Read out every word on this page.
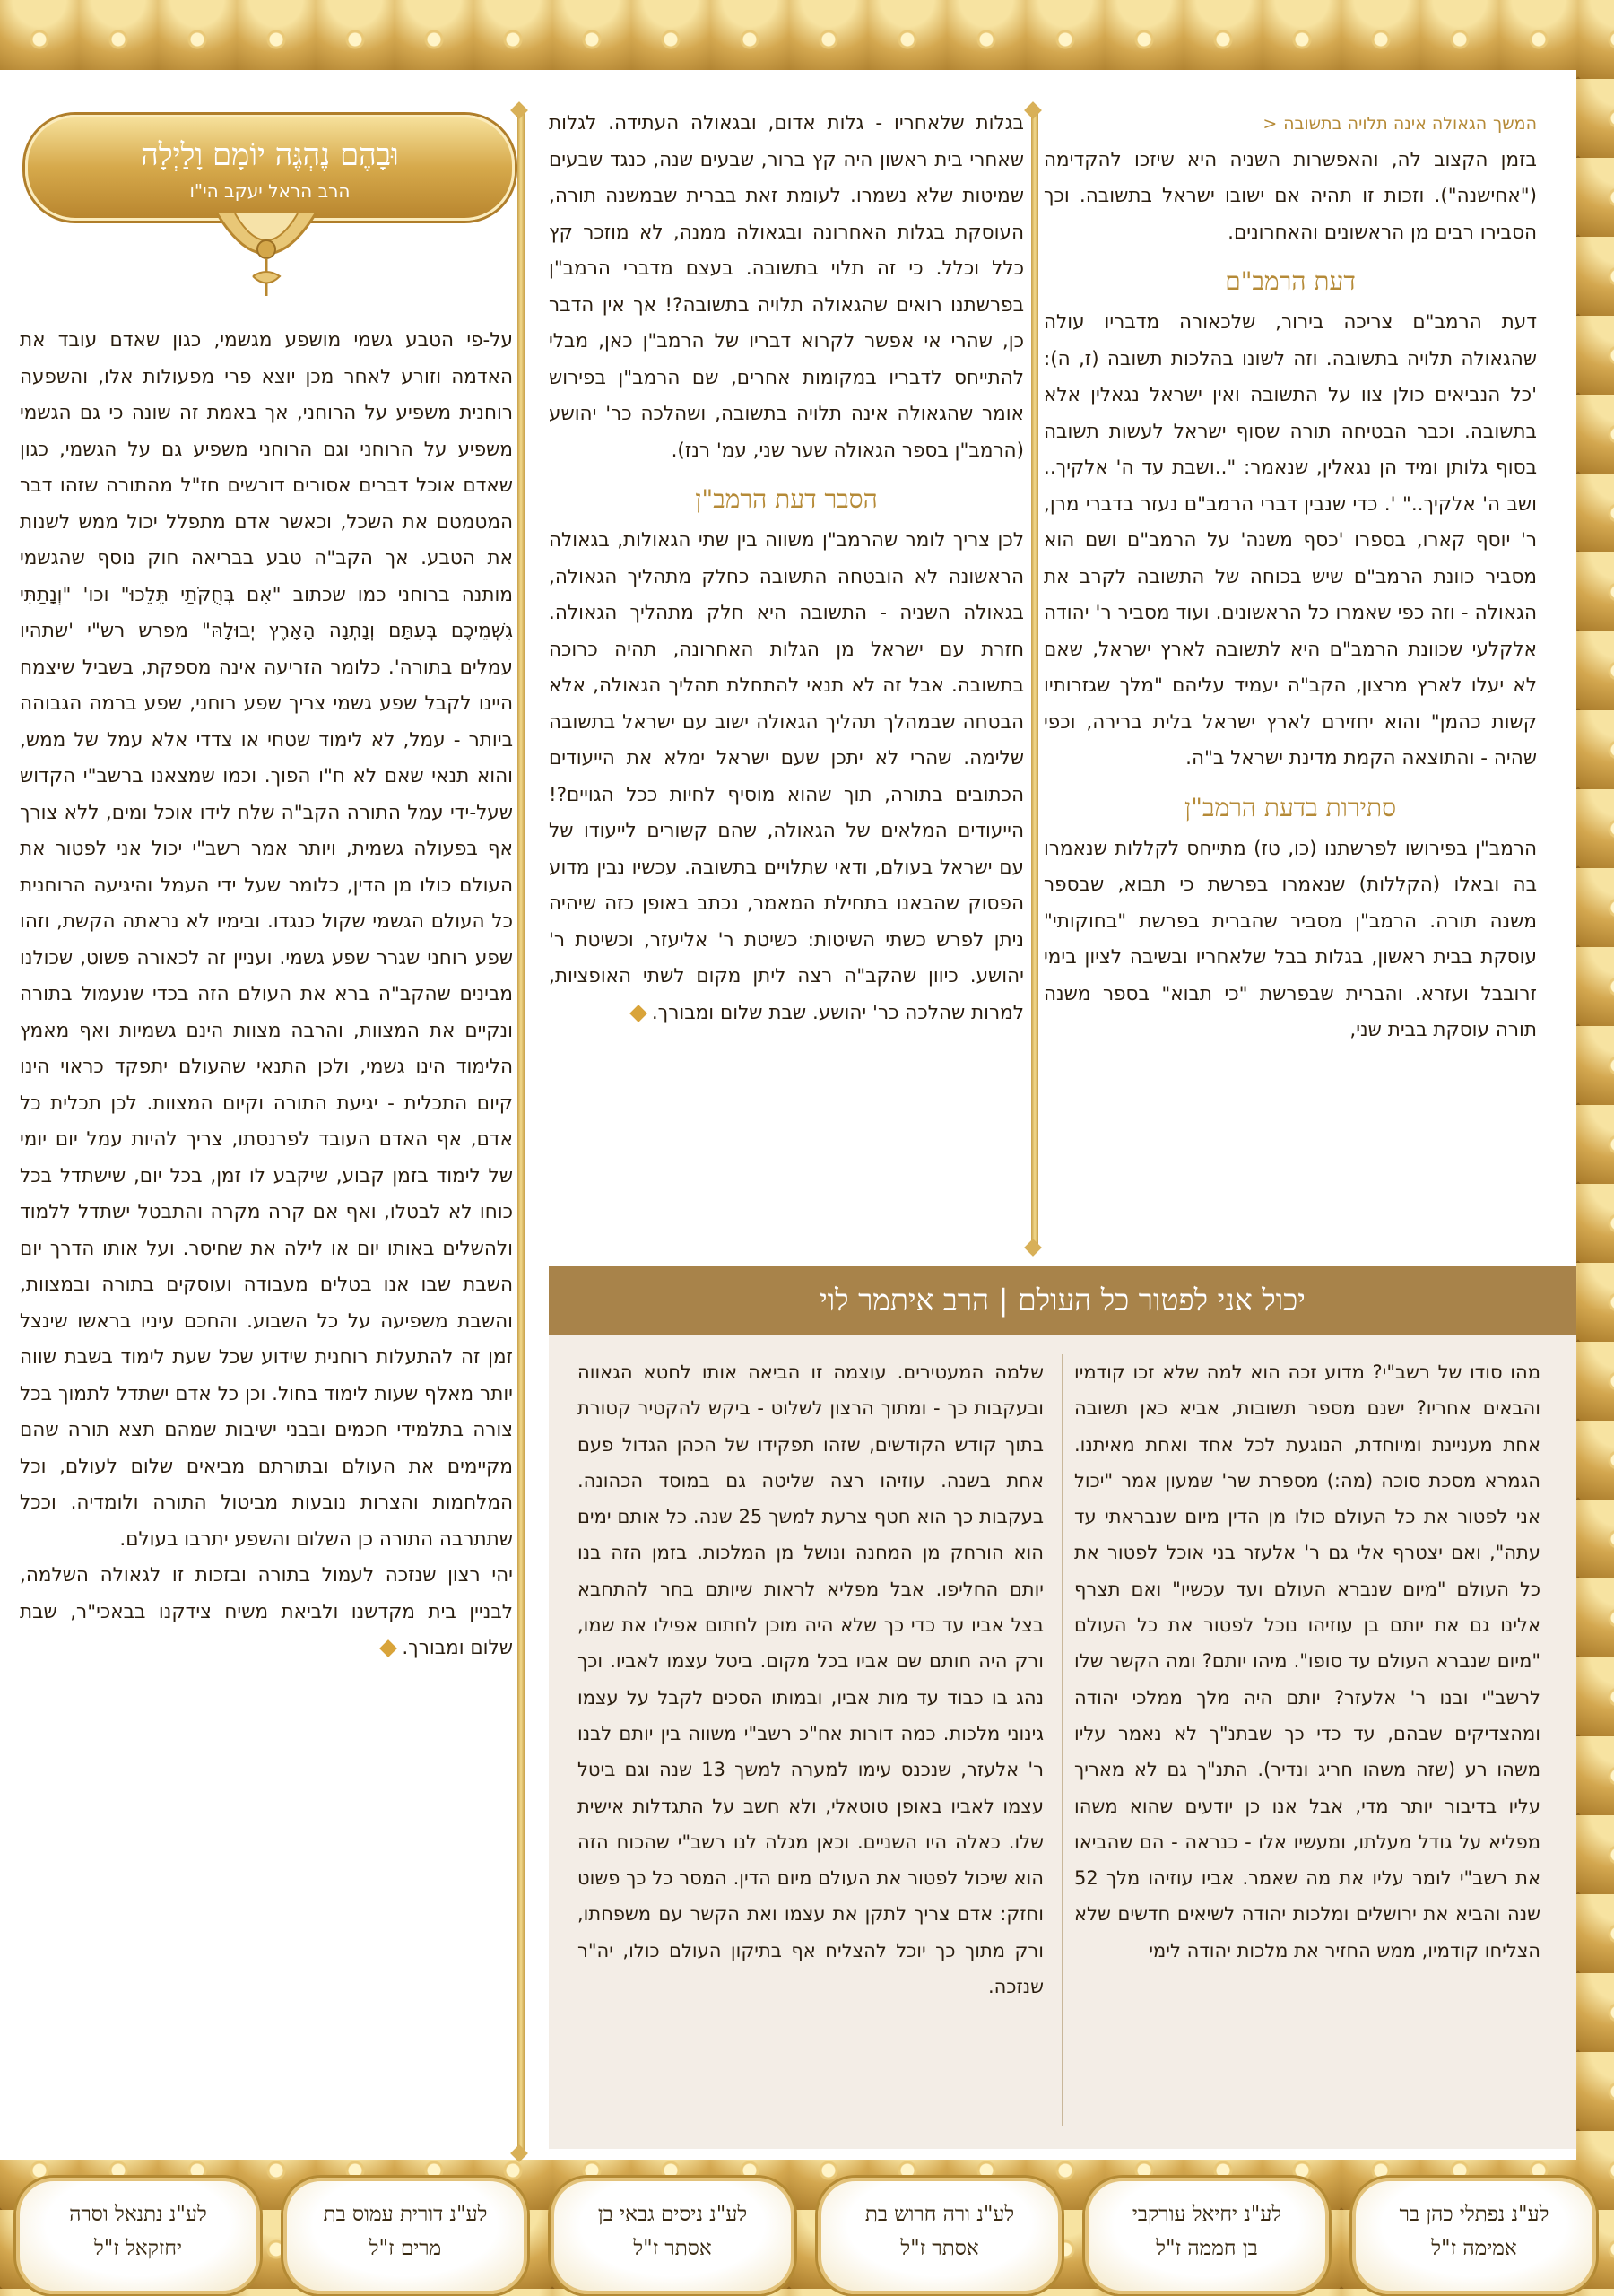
המשך הגאולה אינה תלויה בתשובה <

בזמן הקצוב לה, והאפשרות השניה היא שיזכו להקדימה ("אחישנה"). וזכות זו תהיה אם ישובו ישראל בתשובה. וכך הסבירו רבים מן הראשונים והאחרונים.

דעת הרמב"ם

דעת הרמב"ם צריכה בירור, שלכאורה מדבריו עולה שהגאולה תלויה בתשובה. וזה לשונו בהלכות תשובה (ז, ה): 'כל הנביאים כולן צוו על התשובה ואין ישראל נגאלין אלא בתשובה. וכבר הבטיחה תורה שסוף ישראל לעשות תשובה בסוף גלותן ומיד הן נגאלין, שנאמר: "..ושבת עד ה' אלקיך.. ושב ה' אלקיך.." '. כדי שנבין דברי הרמב"ם נעזר בדברי מרן, ר' יוסף קארו, בספרו 'כסף משנה' על הרמב"ם ושם הוא מסביר כוונת הרמב"ם שיש בכוחה של התשובה לקרב את הגאולה - וזה כפי שאמרו כל הראשונים. ועוד מסביר ר' יהודה אלקלעי שכוונת הרמב"ם היא לתשובה לארץ ישראל, שאם לא יעלו לארץ מרצון, הקב"ה יעמיד עליהם "מלך שגזרותיו קשות כהמן" והוא יחזירם לארץ ישראל בלית ברירה, וכפי שהיה - והתוצאה הקמת מדינת ישראל ב"ה.

סתירות בדעת הרמב"ן

הרמב"ן בפירושו לפרשתנו (כו, טז) מתייחס לקללות שנאמרו בה ובאלו (הקללות) שנאמרו בפרשת כי תבוא, שבספר משנה תורה. הרמב"ן מסביר שהברית בפרשת "בחוקותי" עוסקת בבית ראשון, בגלות בבל שלאחריו ובשיבה לציון בימי זרובבל ועזרא. והברית שבפרשת "כי תבוא" בספר משנה תורה עוסקת בבית שני,

בגלות שלאחריו - גלות אדום, ובגאולה העתידה. לגלות שאחרי בית ראשון היה קץ ברור, שבעים שנה, כנגד שבעים שמיטות שלא נשמרו. לעומת זאת בברית שבמשנה תורה, העוסקת בגלות האחרונה ובגאולה ממנה, לא מוזכר קץ כלל וכלל. כי זה תלוי בתשובה. בעצם מדברי הרמב"ן בפרשתנו רואים שהגאולה תלויה בתשובה?! אך אין הדבר כן, שהרי אי אפשר לקרוא דבריו של הרמב"ן כאן, מבלי להתייחס לדבריו במקומות אחרים, שם הרמב"ן בפירוש אומר שהגאולה אינה תלויה בתשובה, ושהלכה כר' יהושע (הרמב"ן בספר הגאולה שער שני, עמ' רנז).

הסבר דעת הרמב"ן

לכן צריך לומר שהרמב"ן משווה בין שתי הגאולות, בגאולה הראשונה לא הובטחה התשובה כחלק מתהליך הגאולה, בגאולה השניה - התשובה היא חלק מתהליך הגאולה. חזרת עם ישראל מן הגלות האחרונה, תהיה כרוכה בתשובה. אבל זה לא תנאי להתחלת תהליך הגאולה, אלא הבטחה שבמהלך תהליך הגאולה ישוב עם ישראל בתשובה שלימה. שהרי לא יתכן שעם ישראל ימלא את הייעודים הכתובים בתורה, תוך שהוא מוסיף לחיות ככל הגויים?! הייעודים המלאים של הגאולה, שהם קשורים לייעודו של עם ישראל בעולם, ודאי שתלויים בתשובה. עכשיו נבין מדוע הפסוק שהבאנו בתחילת המאמר, נכתב באופן כזה שיהיה ניתן לפרש כשתי השיטות: כשיטת ר' אליעזר, וכשיטת ר' יהושע. כיוון שהקב"ה רצה ליתן מקום לשתי האופציות, למרות שהלכה כר' יהושע. שבת שלום ומבורך.

וּבָהֶם נֶהְגֶּה יוֹמָם וָלַיְלָה
הרב הראל יעקב הי"ו

על-פי הטבע גשמי מושפע מגשמי, כגון שאדם עובד את האדמה וזורע לאחר מכן יוצא פרי מפעולות אלו, והשפעה רוחנית משפיע על הרוחני, אך באמת זה שונה כי גם הגשמי משפיע על הרוחני וגם הרוחני משפיע גם על הגשמי, כגון שאדם אוכל דברים אסורים דורשים חז"ל מהתורה שזהו דבר המטמטם את השכל, וכאשר אדם מתפלל יכול ממש לשנות את הטבע. אך הקב"ה טבע בבריאה חוק נוסף שהגשמי מותנה ברוחני כמו שכתוב "אִם בְּחֻקֹּתַי תֵּלֵכוּ" וכו' "וְנָתַתִּי גִשְׁמֵיכֶם בְּעִתָּם וְנָתְנָה הָאָרֶץ יְבוּלָהּ" מפרש רש"י 'שתהיו עמלים בתורה'. כלומר הזריעה אינה מספקת, בשביל שיצמח היינו לקבל שפע גשמי צריך שפע רוחני, שפע ברמה הגבוהה ביותר - עמל, לא לימוד שטחי או צדדי אלא עמל של ממש, והוא תנאי שאם לא ח"ו הפוך. וכמו שמצאנו ברשב"י הקדוש שעל-ידי עמל התורה הקב"ה שלח לידו אוכל ומים, ללא צורך אף בפעולה גשמית, ויותר אמר רשב"י יכול אני לפטור את העולם כולו מן הדין, כלומר שעל ידי העמל והיגיעה הרוחנית כל העולם הגשמי שקול כנגדו. ובימיו לא נראתה הקשת, וזהו שפע רוחני שגרר שפע גשמי. ועניין זה לכאורה פשוט, שכולנו מבינים שהקב"ה ברא את העולם הזה בכדי שנעמול בתורה ונקיים את המצוות, והרבה מצוות הינם גשמיות ואף מאמץ הלימוד הינו גשמי, ולכן התנאי שהעולם יתפקד כראוי הינו קיום התכלית - יגיעת התורה וקיום המצוות. לכן תכלית כל אדם, אף האדם העובד לפרנסתו, צריך להיות עמל יום יומי של לימוד בזמן קבוע, שיקבע לו זמן, בכל יום, שישתדל בכל כוחו לא לבטלו, ואף אם קרה מקרה והתבטל ישתדל ללמוד ולהשלים באותו יום או לילה את שחיסר. ועל אותו הדרך יום השבת שבו אנו בטלים מעבודה ועוסקים בתורה ובמצוות, והשבת משפיעה על כל השבוע. והחכם עיניו בראשו שינצל זמן זה להתעלות רוחנית שידוע שכל שעת לימוד בשבת שווה יותר מאלף שעות לימוד בחול. וכן כל אדם ישתדל לתמוך בכל צורה בתלמידי חכמים ובבני ישיבות שמהם תצא תורה שהם מקיימים את העולם ובתורתם מביאים שלום לעולם, וכל המלחמות והצרות נובעות מביטול התורה ולומדיה. וככל שתתרבה התורה כן השלום והשפע יתרבו בעולם.

יהי רצון שנזכה לעמול בתורה ובזכות זו לגאולה השלמה, לבניין בית מקדשנו ולביאת משיח צידקנו בבאכי"ר, שבת שלום ומבורך.

יכול אני לפטור כל העולם | הרב איתמר לוי
מהו סודו של רשב"י? מדוע זכה הוא למה שלא זכו קודמיו והבאים אחריו? ישנם מספר תשובות, אביא כאן תשובה אחת מעניינת ומיוחדת, הנוגעת לכל אחד ואחת מאיתנו. הגמרא מסכת סוכה (מה:) מספרת שר' שמעון אמר "יכול אני לפטור את כל העולם כולו מן הדין מיום שנבראתי עד עתה", ואם יצטרף אלי גם ר' אלעזר בני אוכל לפטור את כל העולם "מיום שנברא העולם ועד עכשיו" ואם תצרף אלינו גם את יותם בן עוזיהו נוכל לפטור את כל העולם "מיום שנברא העולם עד סופו". מיהו יותם? ומה הקשר שלו לרשב"י ובנו ר' אלעזר? יותם היה מלך ממלכי יהודה ומהצדיקים שבהם, עד כדי כך שבתנ"ך לא נאמר עליו משהו רע (שזה משהו חריג ונדיר). התנ"ך גם לא מאריך עליו בדיבור יותר מדי, אבל אנו כן יודעים שהוא משהו מפליא על גודל מעלתו, ומעשיו אלו - כנראה - הם שהביאו את רשב"י לומר עליו את מה שאמר. אביו עוזיהו מלך 52 שנה והביא את ירושלים ומלכות יהודה לשיאים חדשים שלא הצליחו קודמיו, ממש החזיר את מלכות יהודה לימי
שלמה המעטירים. עוצמה זו הביאה אותו לחטא הגאווה ובעקבות כך - ומתוך הרצון לשלוט - ביקש להקטיר קטורת בתוך קודש הקודשים, שזהו תפקידו של הכהן הגדול פעם אחת בשנה. עוזיהו רצה שליטה גם במוסד הכהונה. בעקבות כך הוא חטף צרעת למשך 25 שנה. כל אותם ימים הוא הורחק מן המחנה ונושל מן המלכות. בזמן הזה בנו יותם החליפו. אבל מפליא לראות שיותם בחר להתחבא בצל אביו עד כדי כך שלא היה מוכן לחתום אפילו את שמו, ורק היה חותם שם אביו בכל מקום. ביטל עצמו לאביו. וכך נהג בו כבוד עד מות אביו, ובמותו הסכים לקבל על עצמו גינוני מלכות. כמה דורות אח"כ רשב"י משווה בין יותם לבנו ר' אלעזר, שנכנס עימו למערה למשך 13 שנה וגם ביטל עצמו לאביו באופן טוטאלי, ולא חשב על התגדלות אישית שלו. כאלה היו השניים. וכאן מגלה לנו רשב"י שהכוח הזה הוא שיכול לפטור את העולם מיום הדין. המסר כל כך פשוט וחזק: אדם צריך לתקן את עצמו ואת הקשר עם משפחתו, ורק מתוך כך יוכל להצליח אף בתיקון העולם כולו, יה"ר שנזכה.
לע"נ נפתלי כהן בר
אמימה ז"ל
לע"נ יחיאל עורקבי
בן חממה ז"ל
לע"נ ורה חרוש בת
אסתר ז"ל
לע"נ ניסים גבאי בן
אסתר ז"ל
לע"נ דורית עמוס בת
מרים ז"ל
לע"נ נתנאל וסרה
יחזקאל ז"ל
